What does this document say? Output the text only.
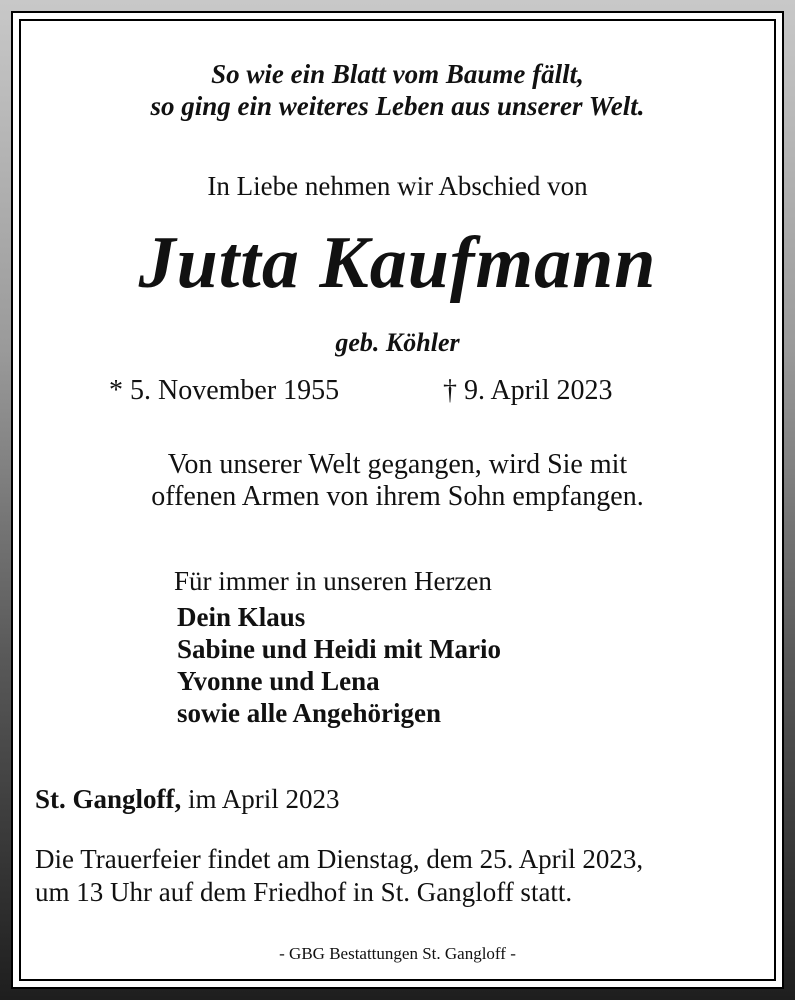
So wie ein Blatt vom Baume fällt,
so ging ein weiteres Leben aus unserer Welt.
In Liebe nehmen wir Abschied von
Jutta Kaufmann
geb. Köhler
* 5. November 1955	† 9. April 2023
Von unserer Welt gegangen, wird Sie mit
offenen Armen von ihrem Sohn empfangen.
Für immer in unseren Herzen
Dein Klaus
Sabine und Heidi mit Mario
Yvonne und Lena
sowie alle Angehörigen
St. Gangloff, im April 2023
Die Trauerfeier findet am Dienstag, dem 25. April 2023,
um 13 Uhr auf dem Friedhof in St. Gangloff statt.
- GBG Bestattungen St. Gangloff -
